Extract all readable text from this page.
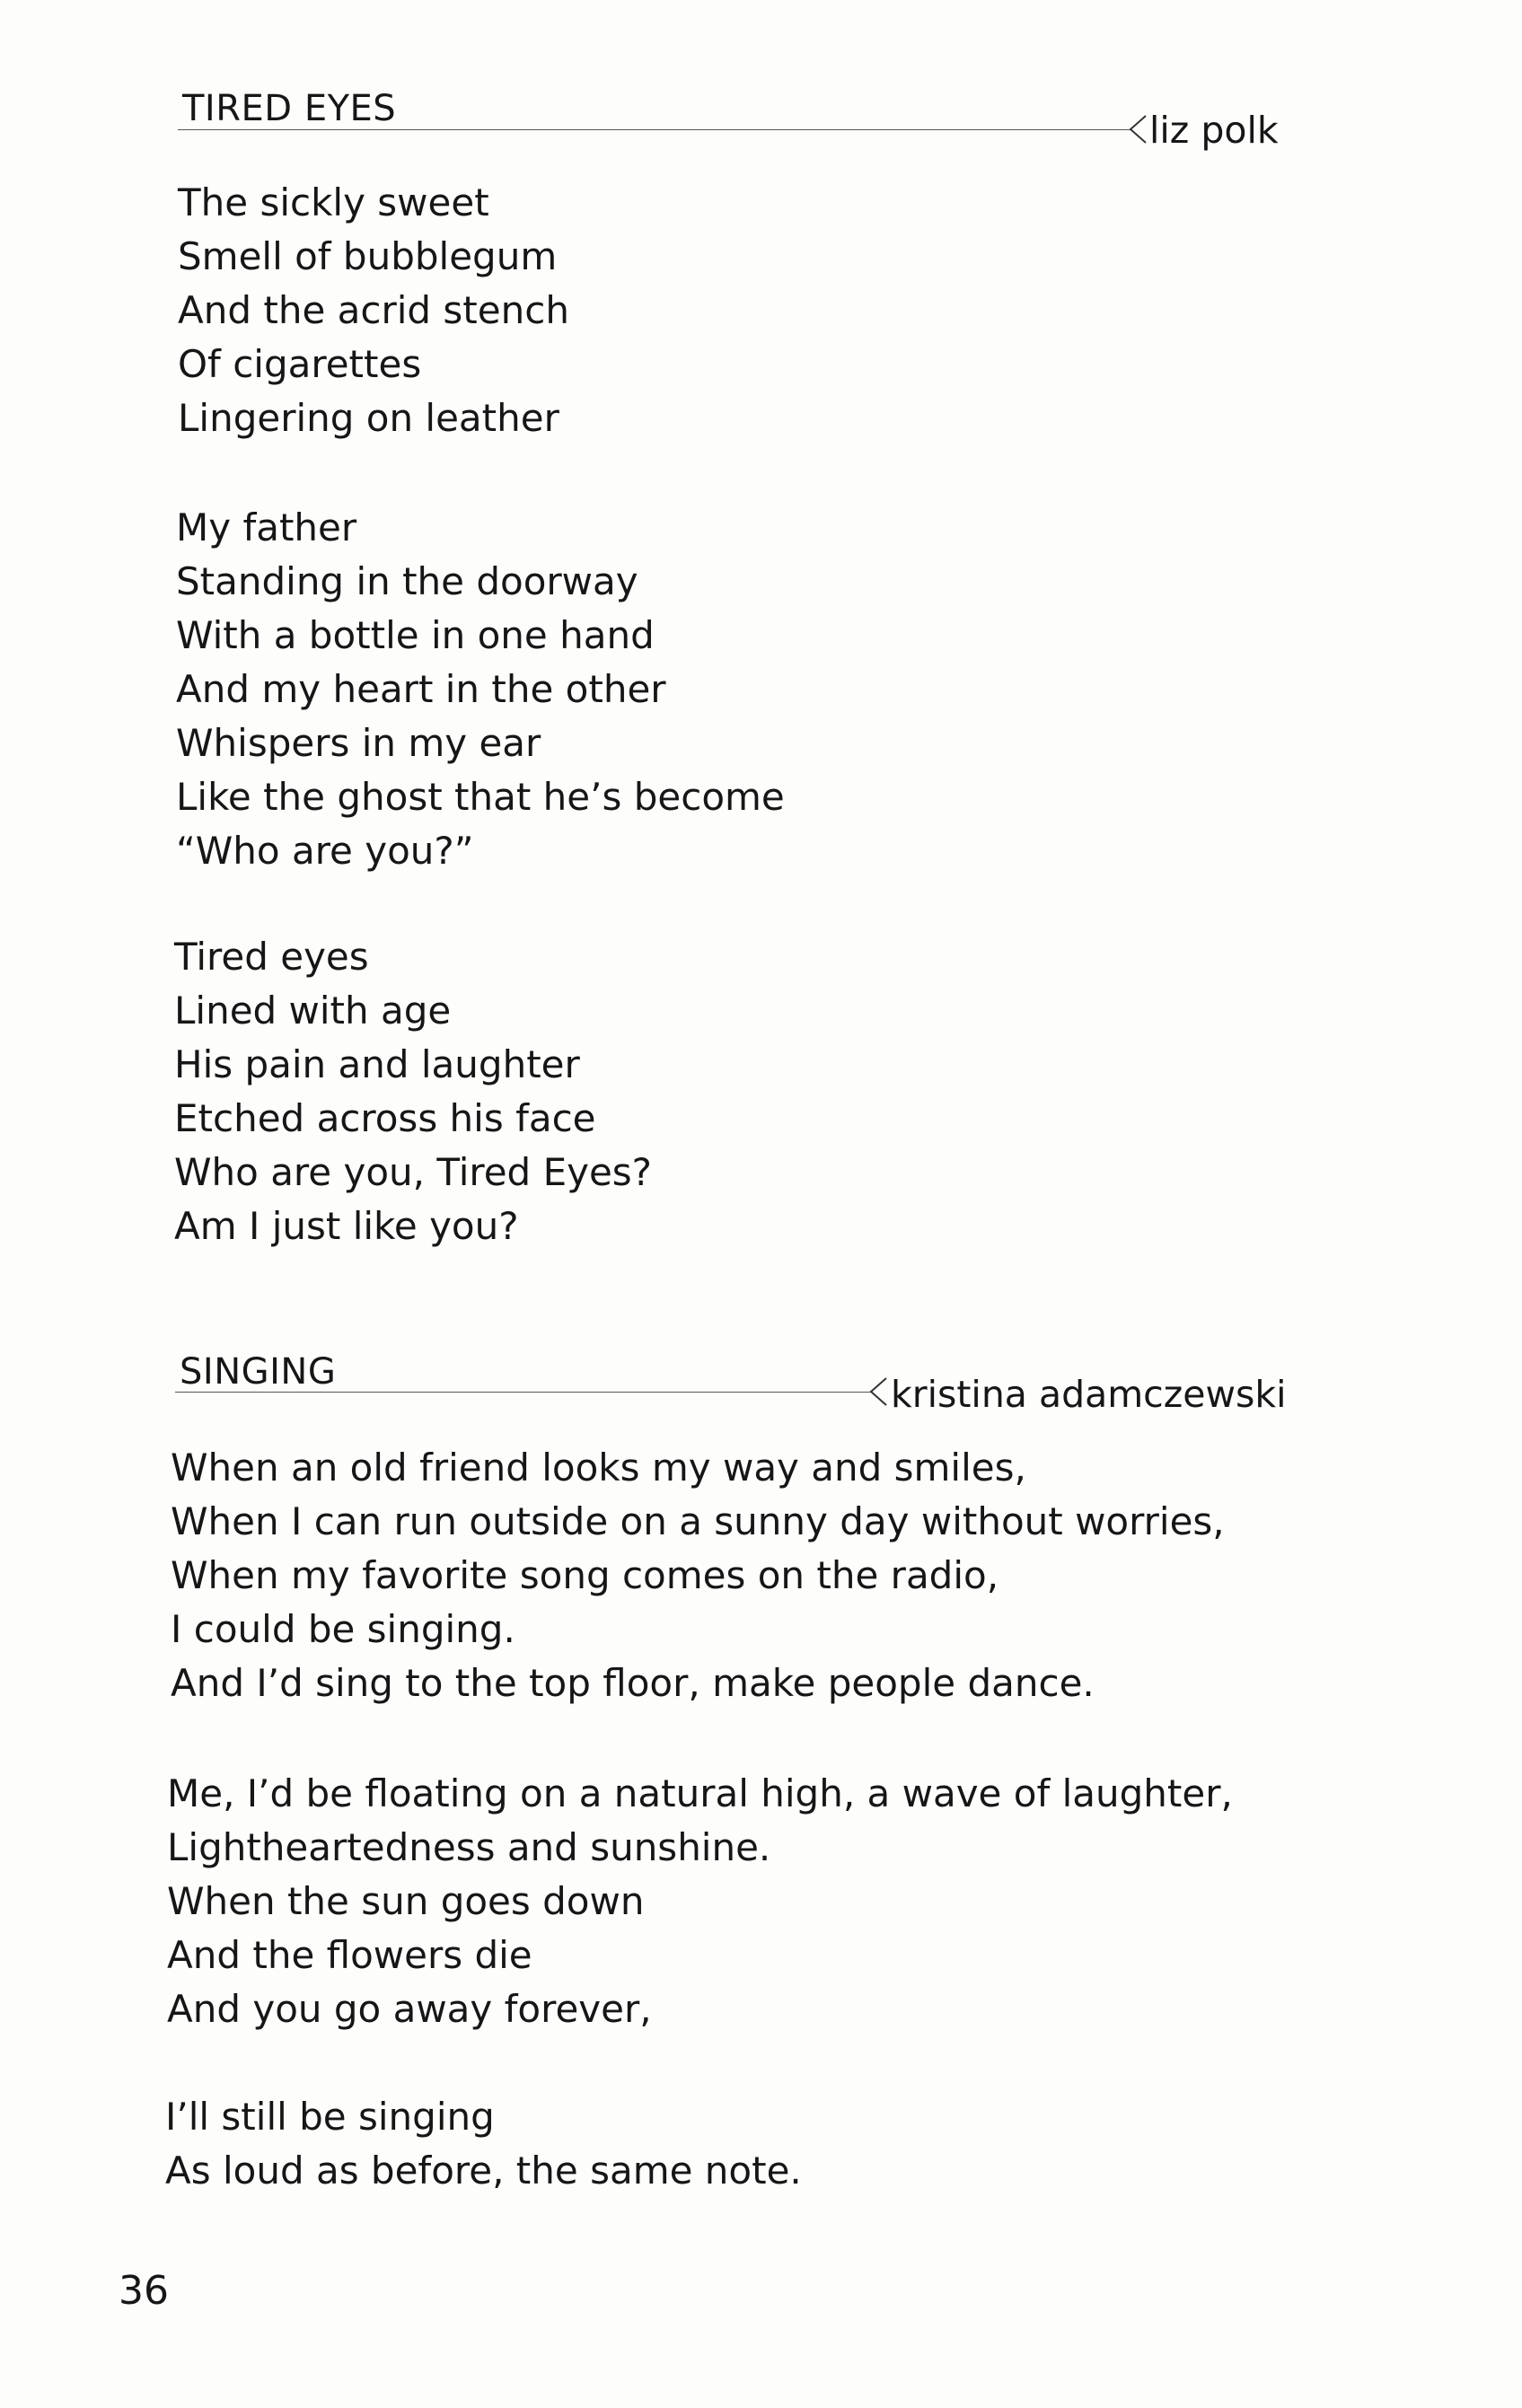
TIRED EYES	liz polk
The sickly sweet
Smell of bubblegum
And the acrid stench
Of cigarettes
Lingering on leather
My father
Standing in the doorway
With a bottle in one hand
And my heart in the other
Whispers in my ear
Like the ghost that he’s become
“Who are you?”
Tired eyes
Lined with age
His pain and laughter
Etched across his face
Who are you, Tired Eyes?
Am I just like you?
SINGING
kristina adamczewski
When an old friend looks my way and smiles,
When I can run outside on a sunny day without worries,
When my favorite song comes on the radio,
I could be singing.
And I’d sing to the top floor, make people dance.
Me, I’d be floating on a natural high, a wave of laughter,
Lightheartedness and sunshine.
When the sun goes down
And the flowers die
And you go away forever,
I’ll still be singing
As loud as before, the same note.
36
